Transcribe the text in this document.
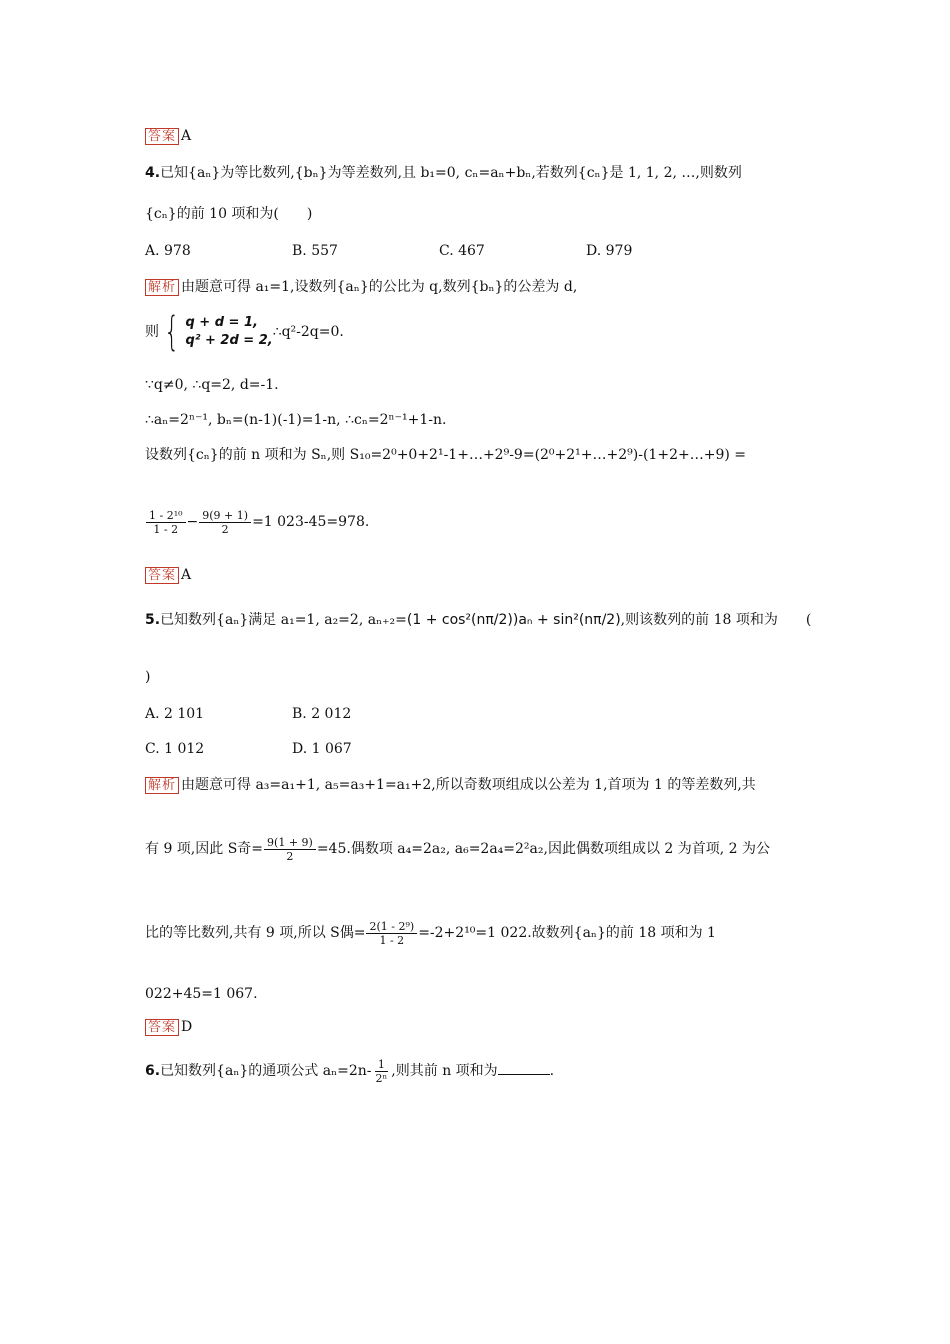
答案 A
4.已知{aₙ}为等比数列,{bₙ}为等差数列,且 b₁=0, cₙ=aₙ+bₙ,若数列{cₙ}是 1, 1, 2, …,则数列
{cₙ}的前 10 项和为(　　)
A. 978	B. 557	C. 467	D. 979
解析 由题意可得 a₁=1,设数列{aₙ}的公比为 q,数列{bₙ}的公差为 d,
则 { q + d = 1,
q² + 2d = 2,
∴q²-2q=0.
∵q≠0, ∴q=2, d=-1.
∴aₙ=2ⁿ⁻¹, bₙ=(n-1)(-1)=1-n, ∴cₙ=2ⁿ⁻¹+1-n.
设数列{cₙ}的前 n 项和为 Sₙ,则 S₁₀=2⁰+0+2¹-1+…+2⁹-9=(2⁰+2¹+…+2⁹)-(1+2+…+9) =
$\frac{\text{1 - 2¹⁰}}{1 - 2} - \frac{9(9 + 1)}{2} =1$ 023-45=978.
答案 A
5.已知数列{aₙ}满足 a₁=1, a₂=2, aₙ₊₂=(1 + cos²(nπ/2))aₙ + sin²(nπ/2),则该数列的前 18 项和为　　(
)
A. 2 101	B. 2 012
C. 1 012	D. 1 067
解析 由题意可得 a₃=a₁+1, a₅=a₃+1=a₁+2,所以奇数项组成以公差为 1,首项为 1 的等差数列,共
有 9 项,因此 S奇= $\frac{9(1 + 9)}{2} =45$.偶数项 a₄=2a₂, a₆=2a₄=2²a₂,因此偶数项组成以 2 为首项, 2 为公
比的等比数列,共有 9 项,所以 S偶= $\frac{\text{2(1 - 2⁹)}}{1 - 2} =-2+2^{10}=1$ 022.故数列{aₙ}的前 18 项和为 1
022+45=1 067.
答案 D
6.已知数列{aₙ}的通项公式 $a_n=2n- \frac{1}{\text{2ⁿ}}$ ,则其前 n 项和为	.
